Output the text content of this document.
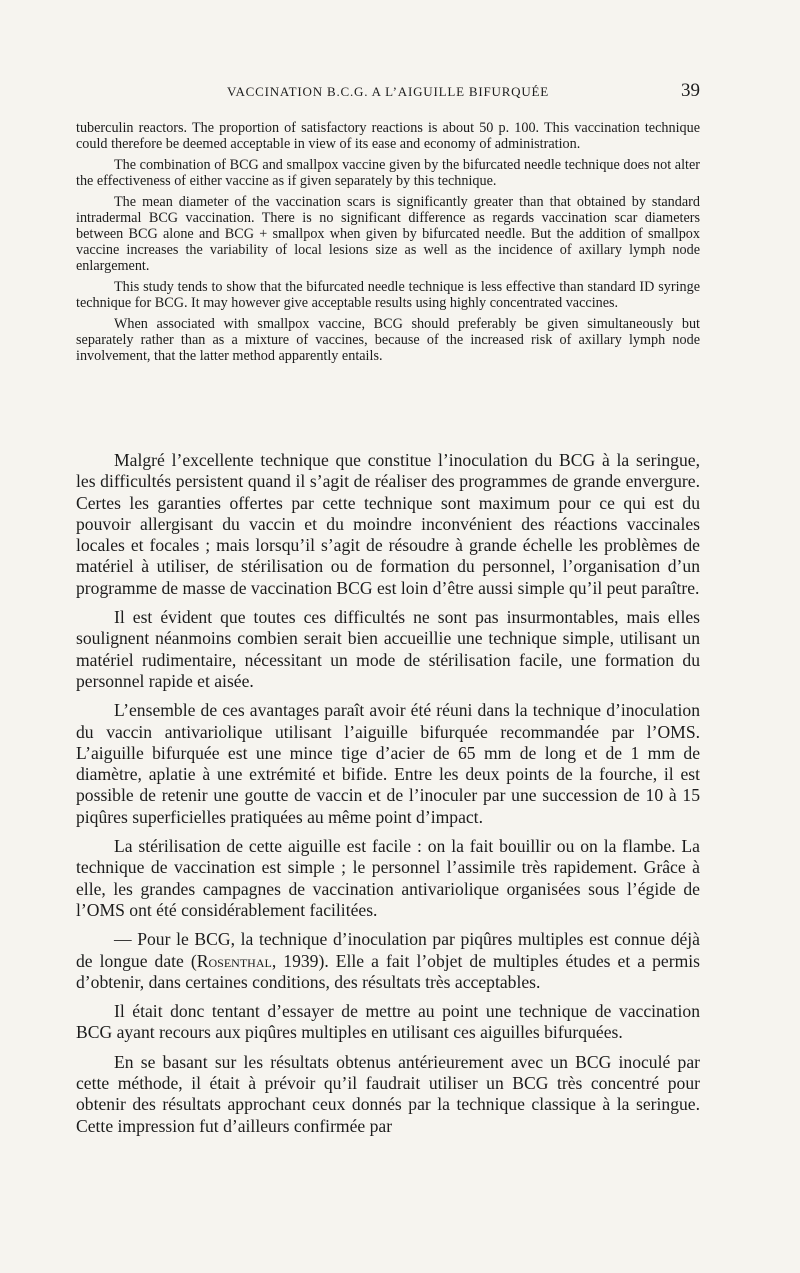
VACCINATION B.C.G. A L’AIGUILLE BIFURQUÉE	39

tuberculin reactors. The proportion of satisfactory reactions is about 50 p. 100. This vaccination technique could therefore be deemed acceptable in view of its ease and economy of administration.

The combination of BCG and smallpox vaccine given by the bifurcated needle technique does not alter the effectiveness of either vaccine as if given separately by this technique.

The mean diameter of the vaccination scars is significantly greater than that obtained by standard intradermal BCG vaccination. There is no significant difference as regards vaccination scar diameters between BCG alone and BCG + smallpox when given by bifurcated needle. But the addition of smallpox vaccine increases the variability of local lesions size as well as the incidence of axillary lymph node enlargement.

This study tends to show that the bifurcated needle technique is less effective than standard ID syringe technique for BCG. It may however give acceptable results using highly concentrated vaccines.

When associated with smallpox vaccine, BCG should preferably be given simultaneously but separately rather than as a mixture of vaccines, because of the increased risk of axillary lymph node involvement, that the latter method apparently entails.

Malgré l’excellente technique que constitue l’inoculation du BCG à la seringue, les difficultés persistent quand il s’agit de réaliser des programmes de grande envergure. Certes les garanties offertes par cette technique sont maximum pour ce qui est du pouvoir allergisant du vaccin et du moindre inconvénient des réactions vaccinales locales et focales ; mais lorsqu’il s’agit de résoudre à grande échelle les problèmes de matériel à utiliser, de stérilisation ou de formation du personnel, l’organisation d’un programme de masse de vaccination BCG est loin d’être aussi simple qu’il peut paraître.

Il est évident que toutes ces difficultés ne sont pas insurmontables, mais elles soulignent néanmoins combien serait bien accueillie une technique simple, utilisant un matériel rudimentaire, nécessitant un mode de stérilisation facile, une formation du personnel rapide et aisée.

L’ensemble de ces avantages paraît avoir été réuni dans la technique d’inoculation du vaccin antivariolique utilisant l’aiguille bifurquée recommandée par l’OMS. L’aiguille bifurquée est une mince tige d’acier de 65 mm de long et de 1 mm de diamètre, aplatie à une extrémité et bifide. Entre les deux points de la fourche, il est possible de retenir une goutte de vaccin et de l’inoculer par une succession de 10 à 15 piqûres superficielles pratiquées au même point d’impact.

La stérilisation de cette aiguille est facile : on la fait bouillir ou on la flambe. La technique de vaccination est simple ; le personnel l’assimile très rapidement. Grâce à elle, les grandes campagnes de vaccination antivariolique organisées sous l’égide de l’OMS ont été considérablement facilitées.

— Pour le BCG, la technique d’inoculation par piqûres multiples est connue déjà de longue date (Rosenthal, 1939). Elle a fait l’objet de multiples études et a permis d’obtenir, dans certaines conditions, des résultats très acceptables.

Il était donc tentant d’essayer de mettre au point une technique de vaccination BCG ayant recours aux piqûres multiples en utilisant ces aiguilles bifurquées.

En se basant sur les résultats obtenus antérieurement avec un BCG inoculé par cette méthode, il était à prévoir qu’il faudrait utiliser un BCG très concentré pour obtenir des résultats approchant ceux donnés par la technique classique à la seringue. Cette impression fut d’ailleurs confirmée par
